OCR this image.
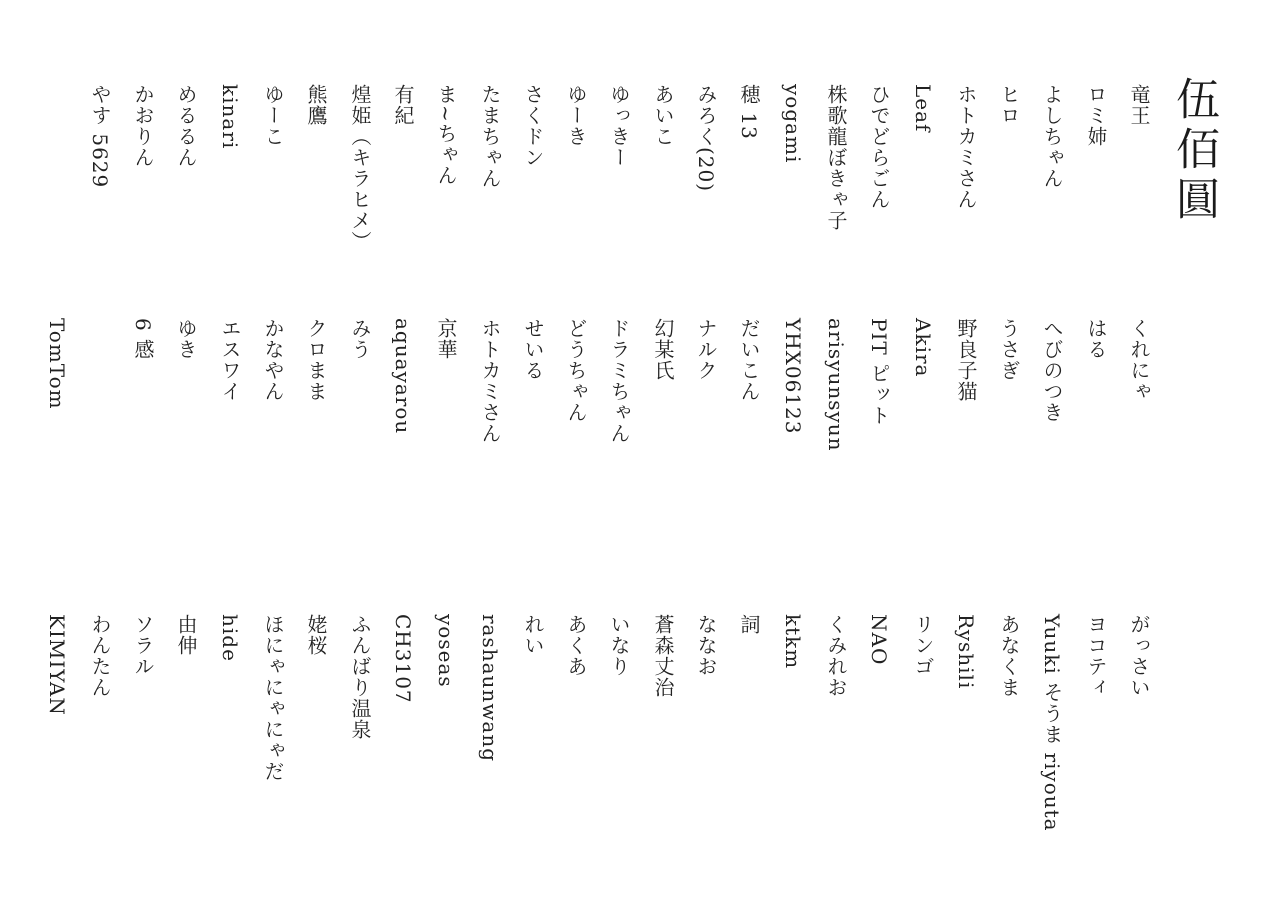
伍佰圓
竜王
くれにゃ
がっさい
ロミ姉
はる
ヨコティ
よしちゃん
へびのつき
Yuuki そうま riyouta
ヒロ
うさぎ
あなくま
ホトカミさん
野良子猫
Ryshili
Leaf
Akira
リンゴ
ひでどらごん
PIT ピット
NAO
株歌龍ぼきゃ子
arisyunsyun
くみれお
yogami
YHX06123
ktkm
穂 13
だいこん
詞
みろく(20)
ナルク
ななお
あいこ
幻某氏
蒼森丈治
ゆっきー
ドラミちゃん
いなり
ゆーき
どうちゃん
あくあ
さくドン
せいる
れい
たまちゃん
ホトカミさん
rashaunwang
ま~ちゃん
京華
yoseas
有紀
aquayarou
CH3107
煌姫（キラヒメ）
みう
ふんばり温泉
熊鷹
クロまま
姥桜
ゆーこ
かなやん
ほにゃにゃにゃだ
kinari
エスワイ
hide
めるるん
ゆき
由伸
かおりん
6 感
ソラル
やす 5629
わんたん
TomTom
KIMIYAN
